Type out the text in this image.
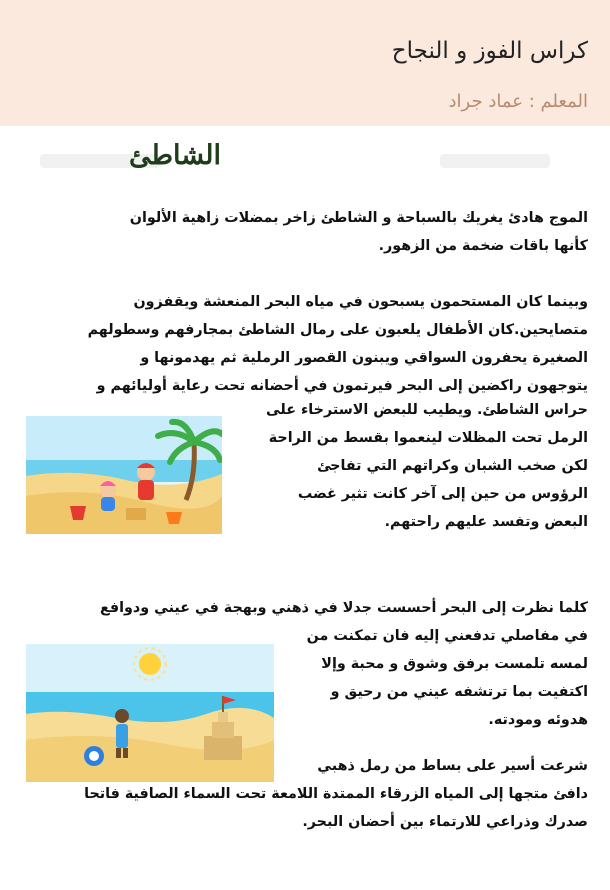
كراس الفوز و النجاح
المعلم : عماد جراد
الشاطئ
الموج هادئ يغريك بالسباحة و الشاطئ زاخر بمضلات زاهية الألوان
كأنها باقات ضخمة من الزهور.
وبينما كان المستحمون يسبحون في مياه البحر المنعشة ويقفزون
متصايحين.كان الأطفال يلعبون على رمال الشاطئ بمجارفهم وسطولهم
الصغيرة يحفرون السواقي ويبنون القصور الرملية ثم يهدمونها و
يتوجهون راكضين إلى البحر فيرتمون في أحضانه تحت رعاية أوليائهم و
حراس الشاطئ. ويطيب للبعض الاسترخاء على
الرمل تحت المظلات لينعموا بقسط من الراحة
لكن صخب الشبان وكراتهم التي تفاجئ
الرؤوس من حين إلى آخر كانت تثير غضب
البعض وتفسد عليهم راحتهم.
كلما نظرت إلى البحر أحسست جدلا في ذهني وبهجة في عيني ودوافع
في مفاصلي تدفعني إليه فان تمكنت من
لمسه تلمست برفق وشوق و محبة وإلا
اكتفيت بما ترتشفه عيني من رحيق و
هدوئه ومودته.
شرعت أسير على بساط من رمل ذهبي
دافئ متجها إلى المياه الزرقاء الممتدة اللامعة تحت السماء الصافية فاتحا
صدرك وذراعي للارتماء بين أحضان البحر.
